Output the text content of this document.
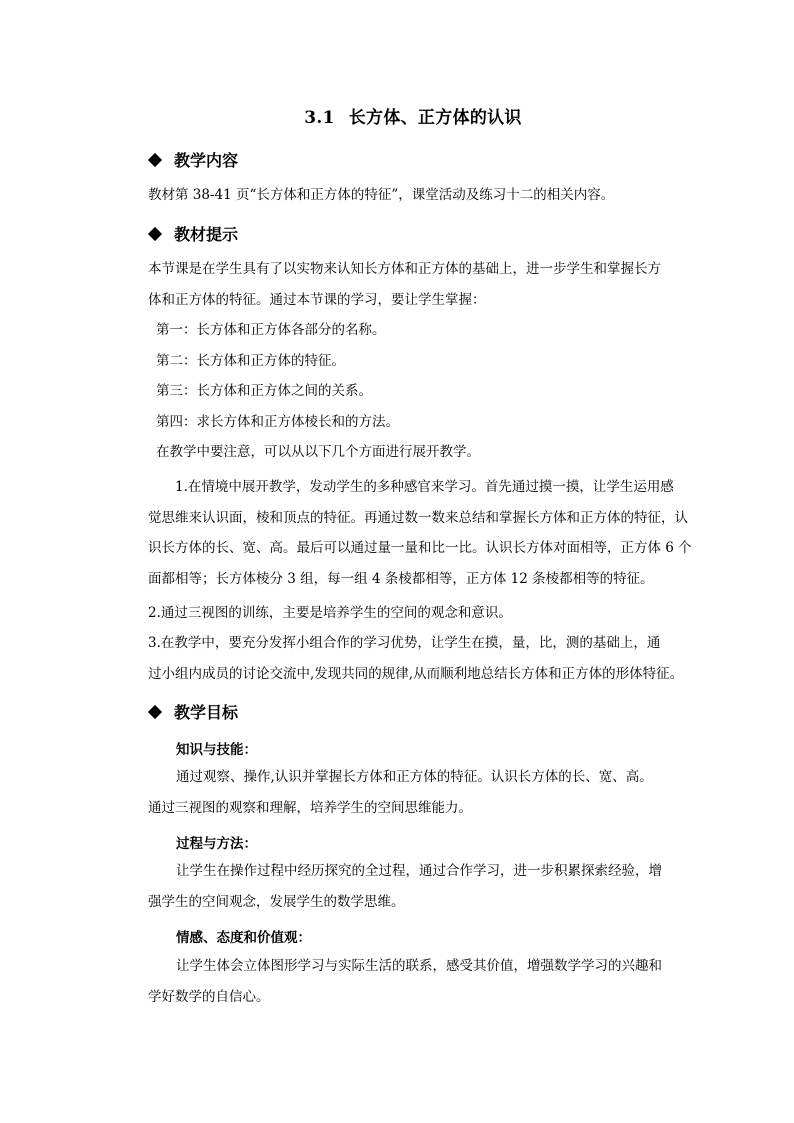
3.1 长方体、正方体的认识
教学内容
教材第 38-41 页“长方体和正方体的特征”，课堂活动及练习十二的相关内容。
教材提示
本节课是在学生具有了以实物来认知长方体和正方体的基础上，进一步学生和掌握长方
体和正方体的特征。通过本节课的学习，要让学生掌握：
第一：长方体和正方体各部分的名称。
第二：长方体和正方体的特征。
第三：长方体和正方体之间的关系。
第四：求长方体和正方体棱长和的方法。
在教学中要注意，可以从以下几个方面进行展开教学。
1.在情境中展开教学，发动学生的多种感官来学习。首先通过摸一摸，让学生运用感
觉思维来认识面，棱和顶点的特征。再通过数一数来总结和掌握长方体和正方体的特征，认
识长方体的长、宽、高。最后可以通过量一量和比一比。认识长方体对面相等，正方体 6 个
面都相等；长方体棱分 3 组，每一组 4 条棱都相等，正方体 12 条棱都相等的特征。
2.通过三视图的训练，主要是培养学生的空间的观念和意识。
3.在教学中，要充分发挥小组合作的学习优势，让学生在摸，量，比，测的基础上，通
过小组内成员的讨论交流中,发现共同的规律,从而顺利地总结长方体和正方体的形体特征。
教学目标
知识与技能：
通过观察、操作,认识并掌握长方体和正方体的特征。认识长方体的长、宽、高。
通过三视图的观察和理解，培养学生的空间思维能力。
过程与方法：
让学生在操作过程中经历探究的全过程，通过合作学习，进一步积累探索经验，增
强学生的空间观念，发展学生的数学思维。
情感、态度和价值观：
让学生体会立体图形学习与实际生活的联系，感受其价值，增强数学学习的兴趣和
学好数学的自信心。
